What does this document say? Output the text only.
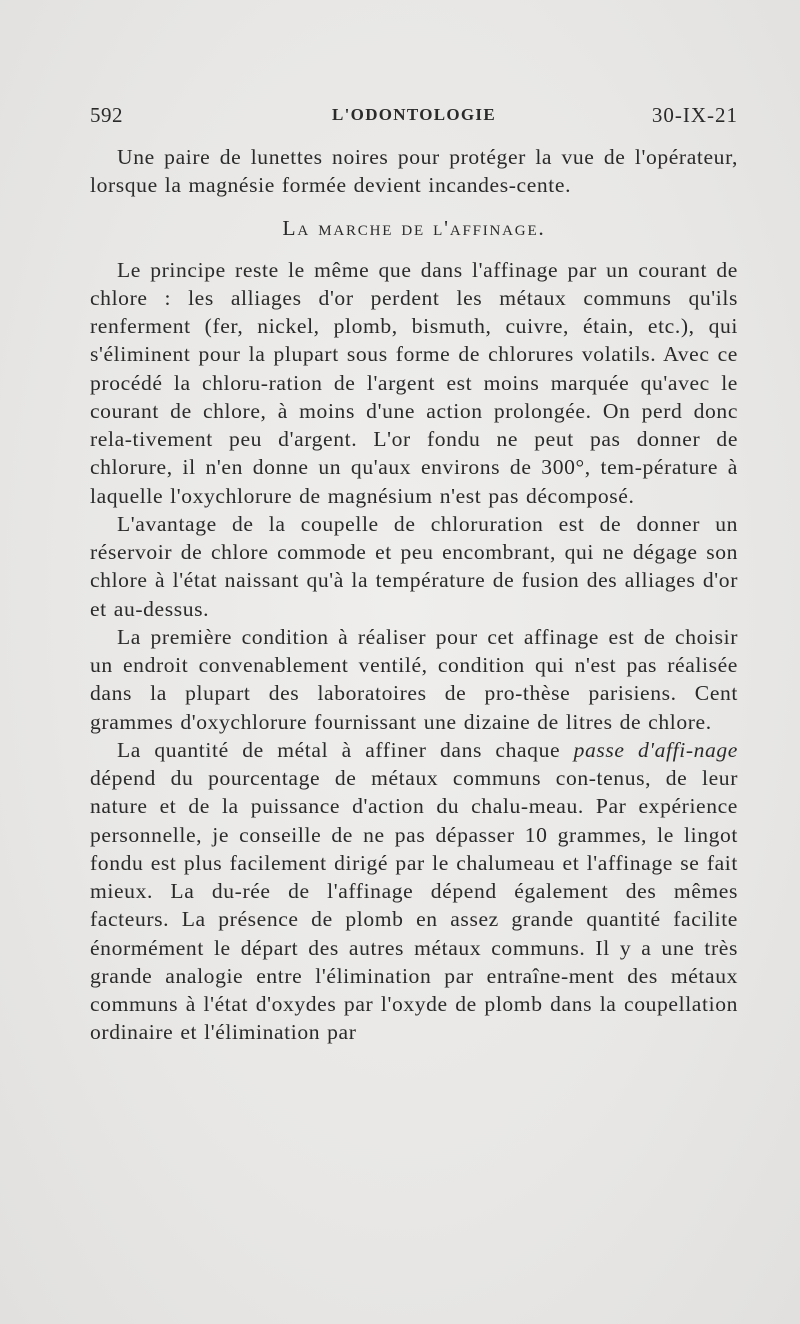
592	L'ODONTOLOGIE	30-IX-21

Une paire de lunettes noires pour protéger la vue de l'opérateur, lorsque la magnésie formée devient incandes-cente.

La marche de l'affinage.

Le principe reste le même que dans l'affinage par un courant de chlore : les alliages d'or perdent les métaux communs qu'ils renferment (fer, nickel, plomb, bismuth, cuivre, étain, etc.), qui s'éliminent pour la plupart sous forme de chlorures volatils. Avec ce procédé la chloru-ration de l'argent est moins marquée qu'avec le courant de chlore, à moins d'une action prolongée. On perd donc rela-tivement peu d'argent. L'or fondu ne peut pas donner de chlorure, il n'en donne un qu'aux environs de 300°, tem-pérature à laquelle l'oxychlorure de magnésium n'est pas décomposé.

L'avantage de la coupelle de chloruration est de donner un réservoir de chlore commode et peu encombrant, qui ne dégage son chlore à l'état naissant qu'à la température de fusion des alliages d'or et au-dessus.

La première condition à réaliser pour cet affinage est de choisir un endroit convenablement ventilé, condition qui n'est pas réalisée dans la plupart des laboratoires de pro-thèse parisiens. Cent grammes d'oxychlorure fournissant une dizaine de litres de chlore.

La quantité de métal à affiner dans chaque passe d'affi-nage dépend du pourcentage de métaux communs con-tenus, de leur nature et de la puissance d'action du chalu-meau. Par expérience personnelle, je conseille de ne pas dépasser 10 grammes, le lingot fondu est plus facilement dirigé par le chalumeau et l'affinage se fait mieux. La du-rée de l'affinage dépend également des mêmes facteurs. La présence de plomb en assez grande quantité facilite énormément le départ des autres métaux communs. Il y a une très grande analogie entre l'élimination par entraîne-ment des métaux communs à l'état d'oxydes par l'oxyde de plomb dans la coupellation ordinaire et l'élimination par
